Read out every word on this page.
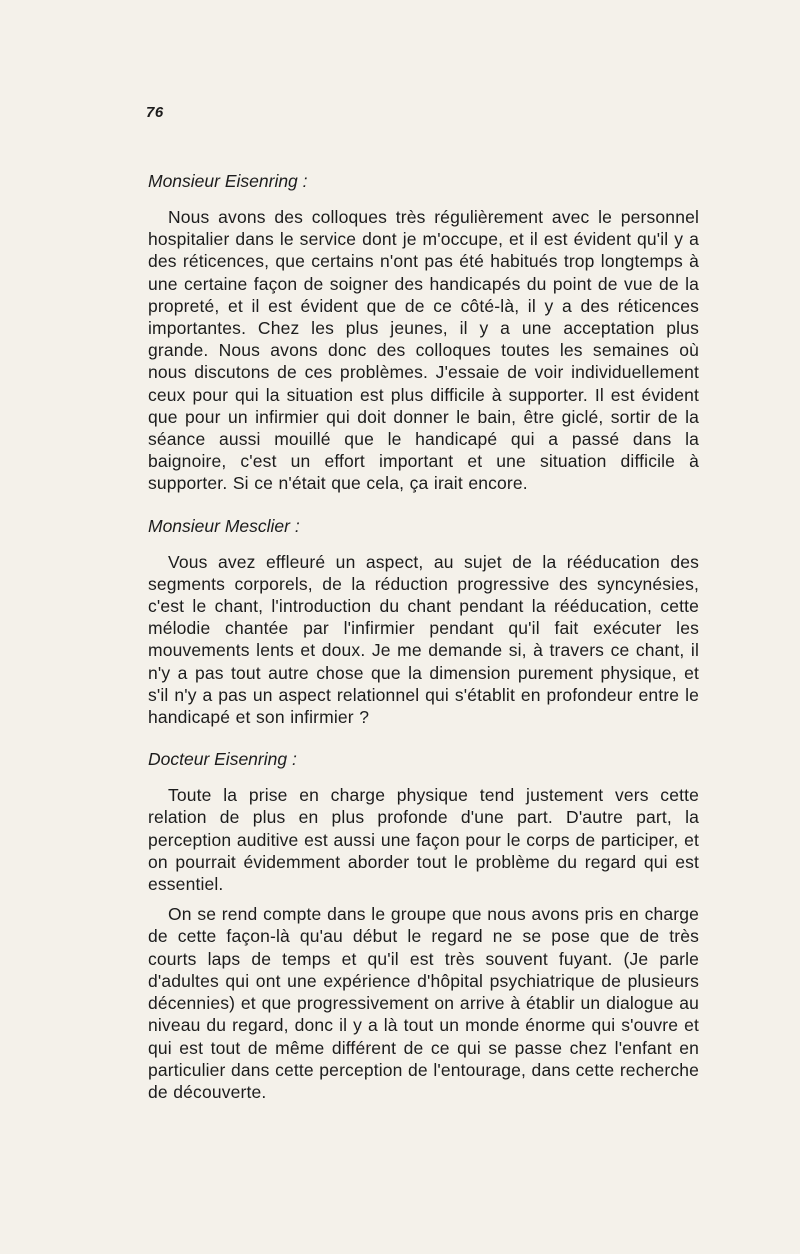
76

Monsieur Eisenring :

Nous avons des colloques très régulièrement avec le personnel hospitalier dans le service dont je m'occupe, et il est évident qu'il y a des réticences, que certains n'ont pas été habitués trop longtemps à une certaine façon de soigner des handicapés du point de vue de la propreté, et il est évident que de ce côté-là, il y a des réticences importantes. Chez les plus jeunes, il y a une acceptation plus grande. Nous avons donc des colloques toutes les semaines où nous discutons de ces problèmes. J'essaie de voir individuellement ceux pour qui la situation est plus difficile à supporter. Il est évident que pour un infirmier qui doit donner le bain, être giclé, sortir de la séance aussi mouillé que le handicapé qui a passé dans la baignoire, c'est un effort important et une situation difficile à supporter. Si ce n'était que cela, ça irait encore.

Monsieur Mesclier :

Vous avez effleuré un aspect, au sujet de la rééducation des segments corporels, de la réduction progressive des syncynésies, c'est le chant, l'introduction du chant pendant la rééducation, cette mélodie chantée par l'infirmier pendant qu'il fait exécuter les mouvements lents et doux. Je me demande si, à travers ce chant, il n'y a pas tout autre chose que la dimension purement physique, et s'il n'y a pas un aspect relationnel qui s'établit en profondeur entre le handicapé et son infirmier ?

Docteur Eisenring :

Toute la prise en charge physique tend justement vers cette relation de plus en plus profonde d'une part. D'autre part, la perception auditive est aussi une façon pour le corps de participer, et on pourrait évidemment aborder tout le problème du regard qui est essentiel.

On se rend compte dans le groupe que nous avons pris en charge de cette façon-là qu'au début le regard ne se pose que de très courts laps de temps et qu'il est très souvent fuyant. (Je parle d'adultes qui ont une expérience d'hôpital psychiatrique de plusieurs décennies) et que progressivement on arrive à établir un dialogue au niveau du regard, donc il y a là tout un monde énorme qui s'ouvre et qui est tout de même différent de ce qui se passe chez l'enfant en particulier dans cette perception de l'entourage, dans cette recherche de découverte.
